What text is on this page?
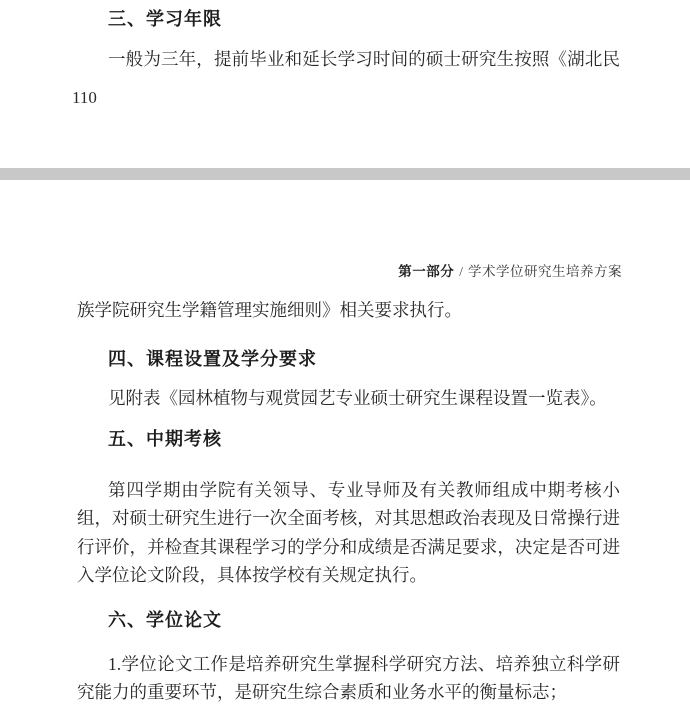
三、学习年限
一般为三年，提前毕业和延长学习时间的硕士研究生按照《湖北民
110
第一部分 / 学术学位研究生培养方案
族学院研究生学籍管理实施细则》相关要求执行。
四、课程设置及学分要求
见附表《园林植物与观赏园艺专业硕士研究生课程设置一览表》。
五、中期考核
第四学期由学院有关领导、专业导师及有关教师组成中期考核小
组，对硕士研究生进行一次全面考核，对其思想政治表现及日常操行进
行评价，并检查其课程学习的学分和成绩是否满足要求，决定是否可进
入学位论文阶段，具体按学校有关规定执行。
六、学位论文
1.学位论文工作是培养研究生掌握科学研究方法、培养独立科学研
究能力的重要环节，是研究生综合素质和业务水平的衡量标志；
